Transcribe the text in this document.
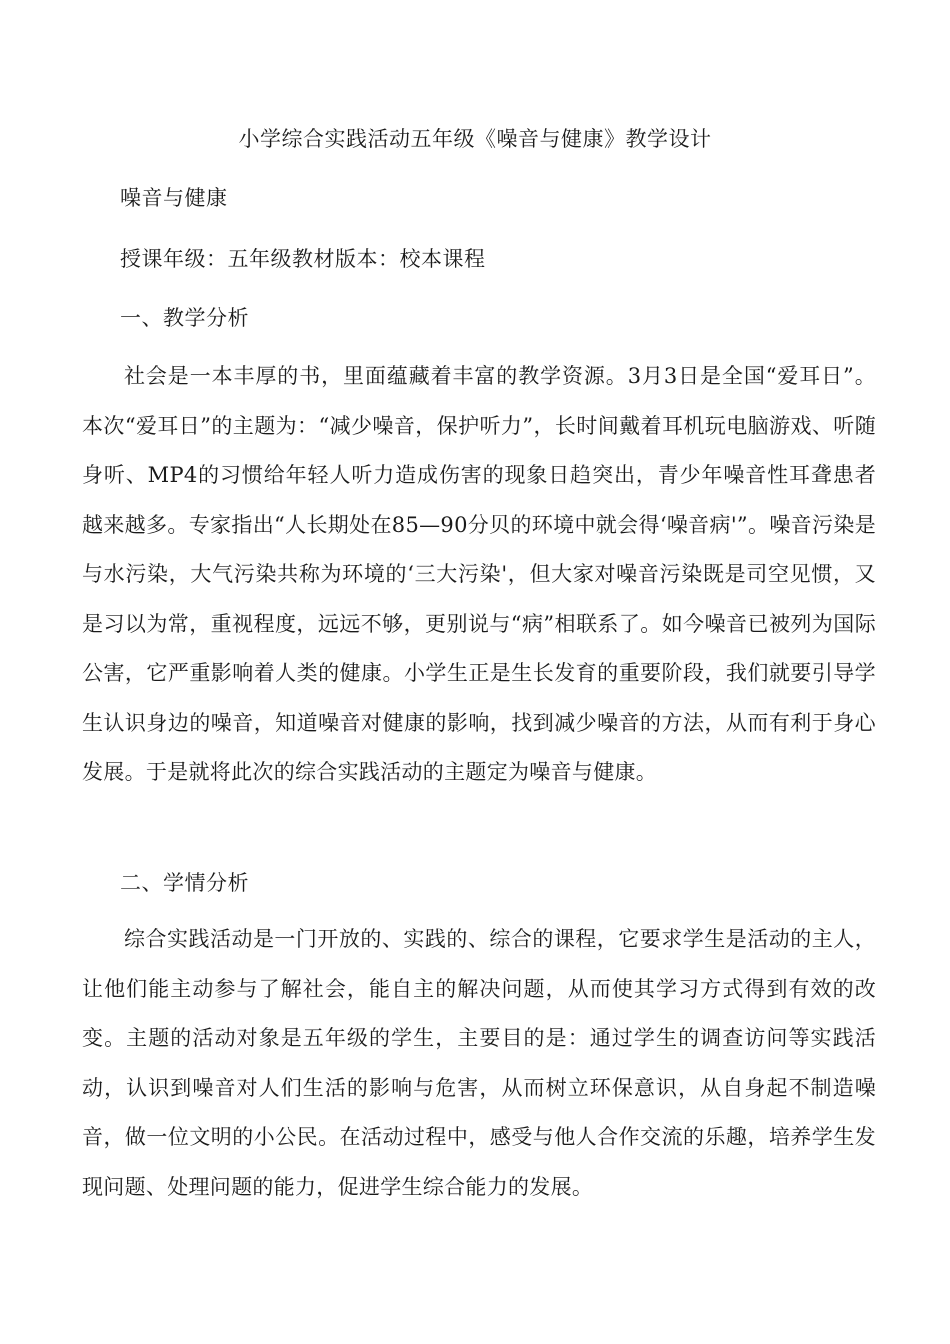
小学综合实践活动五年级《噪音与健康》教学设计
噪音与健康
授课年级：五年级教材版本：校本课程
一、教学分析
社会是一本丰厚的书，里面蕴藏着丰富的教学资源。3月3日是全国“爱耳日”。本次“爱耳日”的主题为：“减少噪音，保护听力”，长时间戴着耳机玩电脑游戏、听随身听、MP4的习惯给年轻人听力造成伤害的现象日趋突出，青少年噪音性耳聋患者越来越多。专家指出“人长期处在85—90分贝的环境中就会得‘噪音病'”。噪音污染是与水污染，大气污染共称为环境的‘三大污染'，但大家对噪音污染既是司空见惯，又是习以为常，重视程度，远远不够，更别说与“病”相联系了。如今噪音已被列为国际公害，它严重影响着人类的健康。小学生正是生长发育的重要阶段，我们就要引导学生认识身边的噪音，知道噪音对健康的影响，找到减少噪音的方法，从而有利于身心发展。于是就将此次的综合实践活动的主题定为噪音与健康。
二、学情分析
综合实践活动是一门开放的、实践的、综合的课程，它要求学生是活动的主人，让他们能主动参与了解社会，能自主的解决问题，从而使其学习方式得到有效的改变。主题的活动对象是五年级的学生，主要目的是：通过学生的调查访问等实践活动，认识到噪音对人们生活的影响与危害，从而树立环保意识，从自身起不制造噪音，做一位文明的小公民。在活动过程中，感受与他人合作交流的乐趣，培养学生发现问题、处理问题的能力，促进学生综合能力的发展。
